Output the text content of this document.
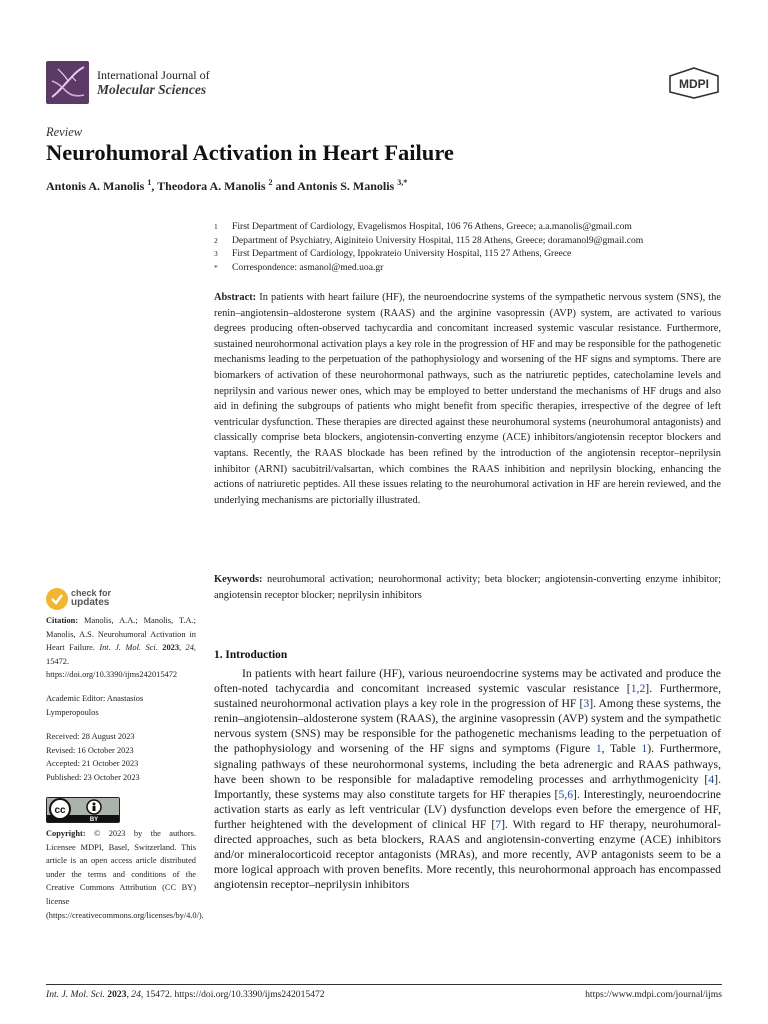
International Journal of
Molecular Sciences	MDPI
Review
Neurohumoral Activation in Heart Failure
Antonis A. Manolis $^1$, Theodora A. Manolis $^2$ and Antonis S. Manolis $^{3,*}$
1	First Department of Cardiology, Evagelismos Hospital, 106 76 Athens, Greece; a.a.manolis@gmail.com
2	Department of Psychiatry, Aiginiteio University Hospital, 115 28 Athens, Greece; doramanol9@gmail.com
3	First Department of Cardiology, Ippokrateio University Hospital, 115 27 Athens, Greece
*	Correspondence: asmanol@med.uoa.gr
Abstract: In patients with heart failure (HF), the neuroendocrine systems of the sympathetic nervous system (SNS), the renin–angiotensin–aldosterone system (RAAS) and the arginine vasopressin (AVP) system, are activated to various degrees producing often-observed tachycardia and concomitant increased systemic vascular resistance. Furthermore, sustained neurohormonal activation plays a key role in the progression of HF and may be responsible for the pathogenetic mechanisms leading to the perpetuation of the pathophysiology and worsening of the HF signs and symptoms. There are biomarkers of activation of these neurohormonal pathways, such as the natriuretic peptides, catecholamine levels and neprilysin and various newer ones, which may be employed to better understand the mechanisms of HF drugs and also aid in defining the subgroups of patients who might benefit from specific therapies, irrespective of the degree of left ventricular dysfunction. These therapies are directed against these neurohumoral systems (neurohumoral antagonists) and classically comprise beta blockers, angiotensin-converting enzyme (ACE) inhibitors/angiotensin receptor blockers and vaptans. Recently, the RAAS blockade has been refined by the introduction of the angiotensin receptor–neprilysin inhibitor (ARNI) sacubitril/valsartan, which combines the RAAS inhibition and neprilysin blocking, enhancing the actions of natriuretic peptides. All these issues relating to the neurohumoral activation in HF are herein reviewed, and the underlying mechanisms are pictorially illustrated.
Keywords: neurohumoral activation; neurohormonal activity; beta blocker; angiotensin-converting enzyme inhibitor; angiotensin receptor blocker; neprilysin inhibitors
check for
updates
Citation: Manolis, A.A.; Manolis, T.A.; Manolis, A.S. Neurohumoral Activation in Heart Failure. Int. J. Mol. Sci. 2023, 24, 15472. https://doi.org/10.3390/ijms242015472
Academic Editor: Anastasios Lymperopoulos
Received: 28 August 2023
Revised: 16 October 2023
Accepted: 21 October 2023
Published: 23 October 2023
cc
BY
Copyright: © 2023 by the authors. Licensee MDPI, Basel, Switzerland. This article is an open access article distributed under the terms and conditions of the Creative Commons Attribution (CC BY) license (https://creativecommons.org/licenses/by/4.0/).
1. Introduction

In patients with heart failure (HF), various neuroendocrine systems may be activated and produce the often-noted tachycardia and concomitant increased systemic vascular resistance [1,2]. Furthermore, sustained neurohormonal activation plays a key role in the progression of HF [3]. Among these systems, the renin–angiotensin–aldosterone system (RAAS), the arginine vasopressin (AVP) system and the sympathetic nervous system (SNS) may be responsible for the pathogenetic mechanisms leading to the perpetuation of the pathophysiology and worsening of the HF signs and symptoms (Figure 1, Table 1). Furthermore, signaling pathways of these neurohormonal systems, including the beta adrenergic and RAAS pathways, have been shown to be responsible for maladaptive remodeling processes and arrhythmogenicity [4]. Importantly, these systems may also constitute targets for HF therapies [5,6]. Interestingly, neuroendocrine activation starts as early as left ventricular (LV) dysfunction develops even before the emergence of HF, further heightened with the development of clinical HF [7]. With regard to HF therapy, neurohumoral-directed approaches, such as beta blockers, RAAS and angiotensin-converting enzyme (ACE) inhibitors and/or mineralocorticoid receptor antagonists (MRAs), and more recently, AVP antagonists seem to be a more logical approach with proven benefits. More recently, this neurohormonal approach has encompassed angiotensin receptor–neprilysin inhibitors

Int. J. Mol. Sci. 2023, 24, 15472. https://doi.org/10.3390/ijms242015472	https://www.mdpi.com/journal/ijms
